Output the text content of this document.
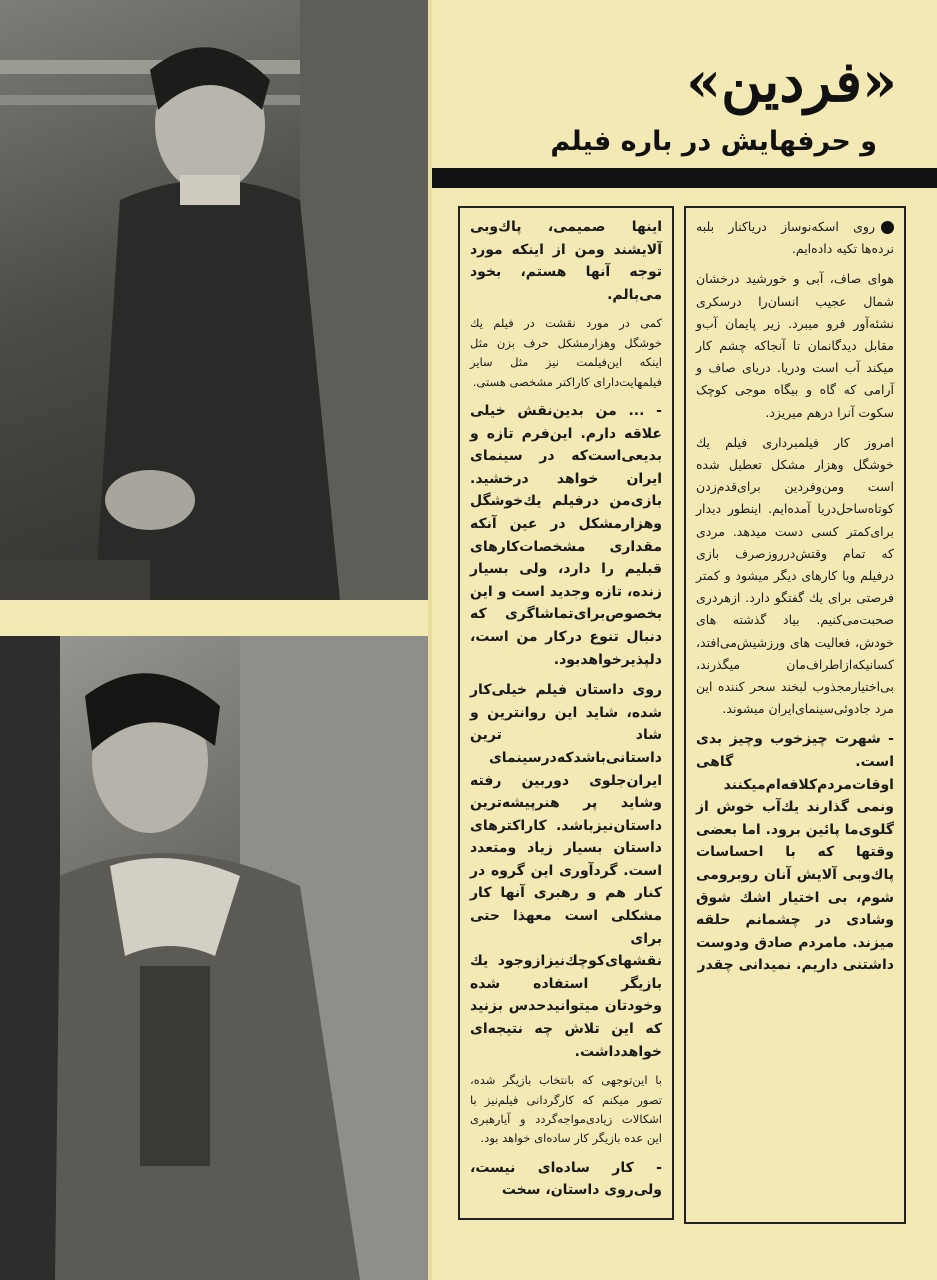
«فردین»
و حرفهایش در باره فیلم

روی اسکه‌نوساز دریاکنار بلبه نرده‌ها تکیه داده‌ایم.

هوای صاف، آبی و خورشید درخشان شمال عجیب انسان‌را درسکری نشئه‌آور فرو میبرد. زیر پایمان آب‌و مقابل دیدگانمان تا آنجاکه چشم کار میکند آب است ودریا. دریای صاف و آرامی که گاه و بیگاه موجی کوچک سکوت آنرا درهم میریزد.

امروز کار فیلمبرداری فیلم یك خوشگل وهزار مشکل تعطیل شده است ومن‌وفردین برای‌قدم‌زدن کوتاه‌ساحل‌دریا آمده‌ایم. اینطور دیدار برای‌کمتر کسی دست میدهد. مردی که تمام وقتش‌در‌روز‌صرف بازی درفیلم ویا کارهای دیگر میشود و کمتر فرصتی برای یك گفتگو دارد. ازهردری صحبت‌می‌کنیم. بیاد گذشته های خودش، فعالیت های ورزشیش‌می‌افتد، کسانیکه‌از‌اطراف‌مان میگذرند، بی‌اختیار‌مجذوب لبخند سحر کننده این مرد جادوئی‌سینمای‌ایران میشوند.

- شهرت چیزخوب وچیز بدی است. گاهی اوقات‌مردم‌کلافه‌ام‌میکنند ونمی گذارند یك‌آب خوش از گلوی‌ما پائین برود. اما بعضی وقتها که با احساسات پاك‌و‌بی آلایش آنان روبرومی شوم، بی اختیار اشك شوق وشادی در چشمانم حلقه میزند. ما‌مردم صادق ودوست داشتنی داریم. نمیدانی چقدر

اینها صمیمی، پاك‌و‌بی آلایشند ومن از اینکه مورد توجه آنها هستم، بخود می‌بالم.

کمی در مورد نقشت در فیلم یك خوشگل وهزارمشکل حرف بزن مثل اینکه این‌فیلمت نیز مثل سایر فیلمهایت‌دارای کاراکتر مشخصی هستی.

- ... من بدین‌نقش خیلی علاقه دارم. این‌فرم تازه و بدیعی‌است‌که در سینمای ایران خواهد درخشید. بازی‌من درفیلم یك‌خوشگل وهزارمشکل در عین آنکه مقداری مشخصات‌کارهای قبلیم را دارد، ولی بسیار زنده، تازه وجدید است و این بخصوص‌برای‌تماشاگری که دنبال تنوع درکار من است، دلپذیر‌خواهد‌بود.

روی داستان فیلم خیلی‌کار شده، شاید این روانترین و شاد ترین داستانی‌باشدکه‌در‌سینمای ایران‌جلوی دوربین رفته وشاید پر هنرپیشه‌ترین داستان‌نیز‌باشد. کاراکترهای داستان بسیار زیاد ومتعدد است. گردآوری این گروه در کنار هم و رهبری آنها کار مشکلی است معهذا حتی برای نقشهای‌کوچك‌نیز‌ازوجود یك بازیگر استفاده شده وخودتان میتوانید‌حدس بزنید که این تلاش چه نتیجه‌ای خواهد‌داشت.

با این‌توجهی که با‌نتخاب بازیگر شده، تصور میکنم که کارگردانی فیلم‌نیز با اشکالات زیادی‌مواجه‌گردد و آیا‌رهبری این عده بازیگر کار ساده‌ای خواهد بود.

- کار ساده‌ای نیست، ولی‌روی داستان، سخت
